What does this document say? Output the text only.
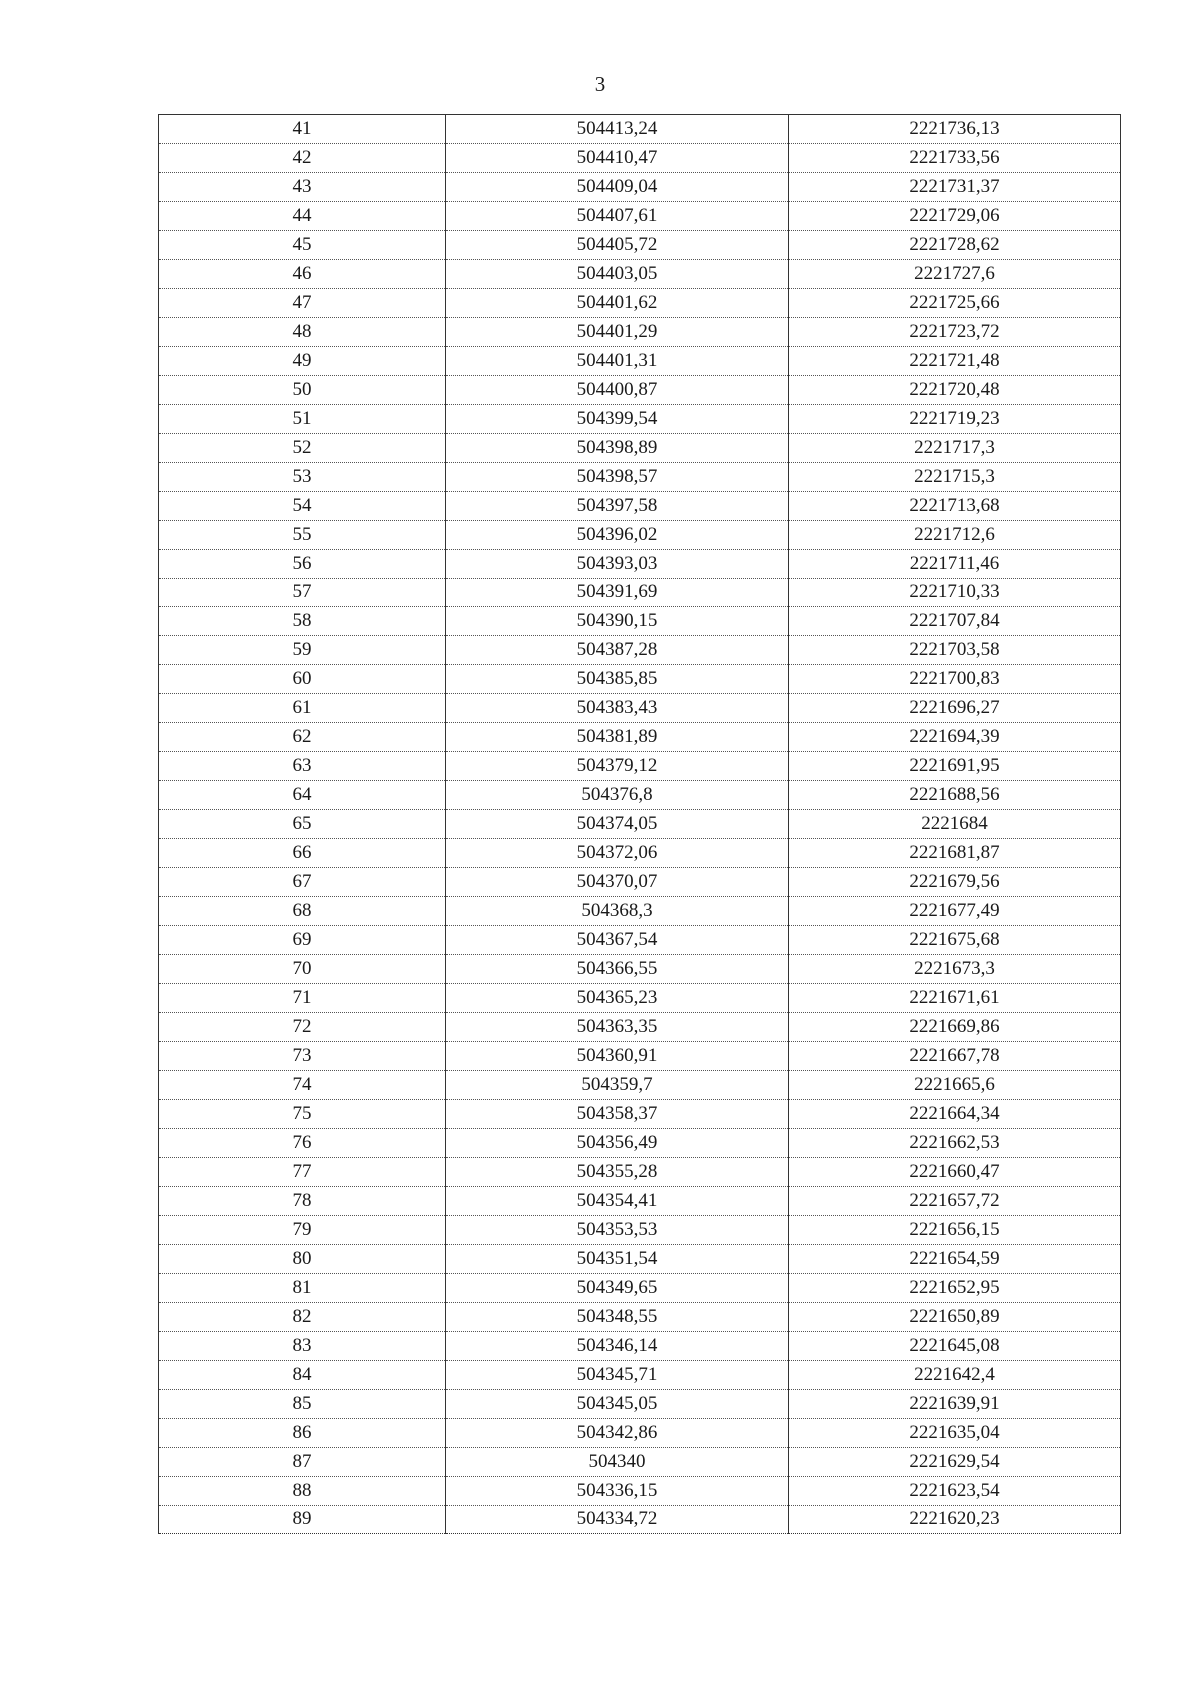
3
41	504413,24	2221736,13
42	504410,47	2221733,56
43	504409,04	2221731,37
44	504407,61	2221729,06
45	504405,72	2221728,62
46	504403,05	2221727,6
47	504401,62	2221725,66
48	504401,29	2221723,72
49	504401,31	2221721,48
50	504400,87	2221720,48
51	504399,54	2221719,23
52	504398,89	2221717,3
53	504398,57	2221715,3
54	504397,58	2221713,68
55	504396,02	2221712,6
56	504393,03	2221711,46
57	504391,69	2221710,33
58	504390,15	2221707,84
59	504387,28	2221703,58
60	504385,85	2221700,83
61	504383,43	2221696,27
62	504381,89	2221694,39
63	504379,12	2221691,95
64	504376,8	2221688,56
65	504374,05	2221684
66	504372,06	2221681,87
67	504370,07	2221679,56
68	504368,3	2221677,49
69	504367,54	2221675,68
70	504366,55	2221673,3
71	504365,23	2221671,61
72	504363,35	2221669,86
73	504360,91	2221667,78
74	504359,7	2221665,6
75	504358,37	2221664,34
76	504356,49	2221662,53
77	504355,28	2221660,47
78	504354,41	2221657,72
79	504353,53	2221656,15
80	504351,54	2221654,59
81	504349,65	2221652,95
82	504348,55	2221650,89
83	504346,14	2221645,08
84	504345,71	2221642,4
85	504345,05	2221639,91
86	504342,86	2221635,04
87	504340	2221629,54
88	504336,15	2221623,54
89	504334,72	2221620,23
